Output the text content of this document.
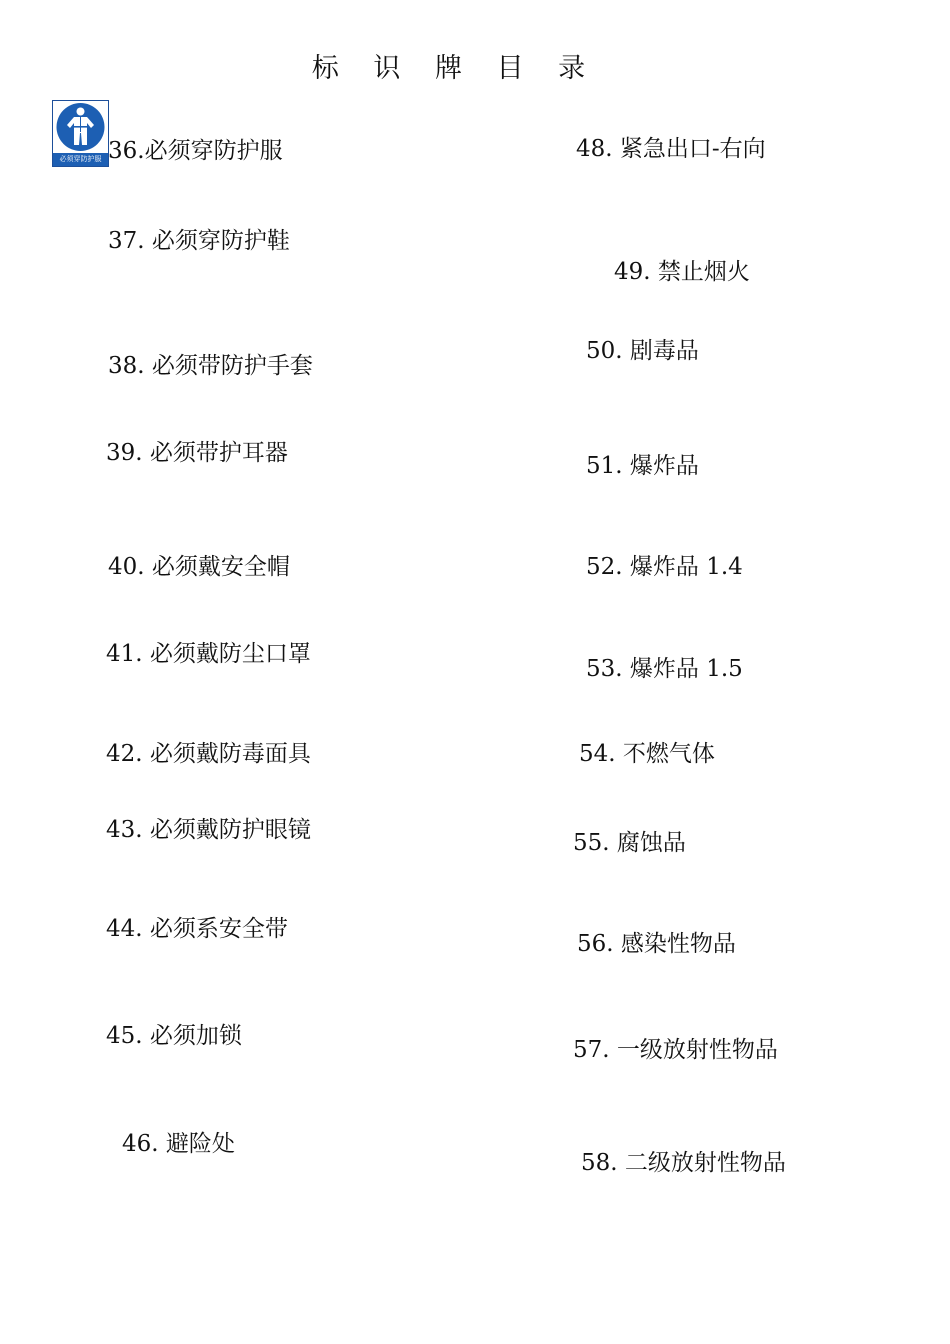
标 识 牌 目 录
必须穿防护服 36.必须穿防护服

37. 必须穿防护鞋

38. 必须带防护手套

39. 必须带护耳器

40. 必须戴安全帽

41. 必须戴防尘口罩

42. 必须戴防毒面具

43. 必须戴防护眼镜

44. 必须系安全带

45. 必须加锁

46. 避险处

48. 紧急出口-右向

49. 禁止烟火

50. 剧毒品

51. 爆炸品

52. 爆炸品 1.4

53. 爆炸品 1.5

54. 不燃气体

55. 腐蚀品

56. 感染性物品

57. 一级放射性物品

58. 二级放射性物品
